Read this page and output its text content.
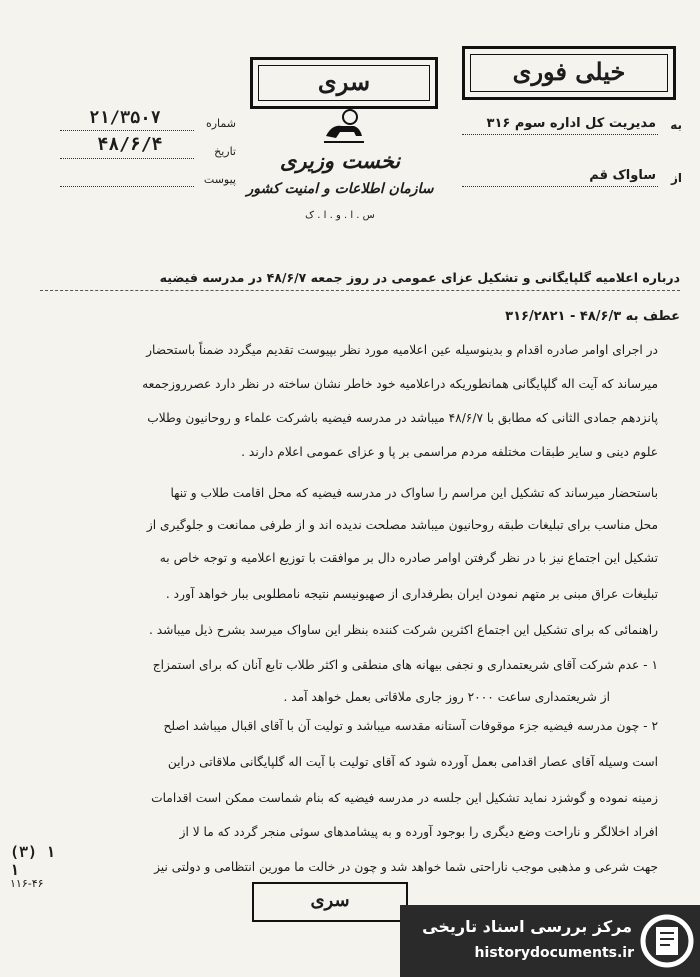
خیلی فوری
سری
نخست وزیری
سازمان اطلاعات و امنیت کشور
س . ا . و . ا . ک
شماره
۲۱/۳۵۰۷
تاریخ
۴۸/۶/۴
پیوست
به
مدیریت کل اداره سوم ۳۱۶
از
ساواک قم
درباره اعلامیه گلپایگانی و تشکیل عزای عمومی در روز جمعه ۴۸/۶/۷ در مدرسه فیضیه
عطف به ۴۸/۶/۳ - ۳۱۶/۲۸۲۱
در اجرای اوامر صادره اقدام و بدینوسیله عین اعلامیه مورد نظر بپیوست تقدیم میگردد ضمناً باستحضار
میرساند که آیت اله گلپایگانی همانطوریکه دراعلامیه خود خاطر نشان ساخته در نظر دارد عصرروزجمعه
پانزدهم جمادی الثانی که مطابق با ۴۸/۶/۷ میباشد در مدرسه فیضیه باشرکت علماء و روحانیون وطلاب
علوم دینی و سایر طبقات مختلفه مردم مراسمی بر پا و عزای عمومی اعلام دارند .
باستحضار میرساند که تشکیل این مراسم را ساواک در مدرسه فیضیه که محل اقامت طلاب و تنها
محل مناسب برای تبلیغات طبقه روحانیون میباشد مصلحت ندیده اند و از طرفی ممانعت و جلوگیری از
تشکیل این اجتماع نیز با در نظر گرفتن اوامر صادره دال بر موافقت با توزیع اعلامیه و توجه خاص به
تبلیغات عراق مبنی بر متهم نمودن ایران بطرفداری از صهیونیسم نتیجه نامطلوبی ببار خواهد آورد .
راهنمائی که برای تشکیل این اجتماع اکثرین شرکت کننده بنظر این ساواک میرسد بشرح ذیل میباشد .
۱ - عدم شرکت آقای شریعتمداری و نجفی بیهانه های منطقی و اکثر طلاب تابع آنان که برای استمزاج
از شریعتمداری ساعت ۲۰۰۰ روز جاری ملاقاتی بعمل خواهد آمد .
۲ - چون مدرسه فیضیه جزء موقوفات آستانه مقدسه میباشد و تولیت آن با آقای اقبال میباشد اصلح
است وسیله آقای عصار اقدامی بعمل آورده شود که آقای تولیت با آیت اله گلپایگانی ملاقاتی دراین
زمینه نموده و گوشزد نماید تشکیل این جلسه در مدرسه فیضیه که بنام شماست ممکن است اقدامات
افراد اخلالگر و ناراحت وضع دیگری را بوجود آورده و به پیشامدهای سوئی منجر گردد که ما لا از
جهت شرعی و مذهبی موجب ناراحتی شما خواهد شد و چون در خالت ما مورین انتظامی و دولتی نیز
(۳) ۱ ۱
۱۱۶-۴۶
سری
مرکز بررسی اسناد تاریخی
historydocuments.ir
